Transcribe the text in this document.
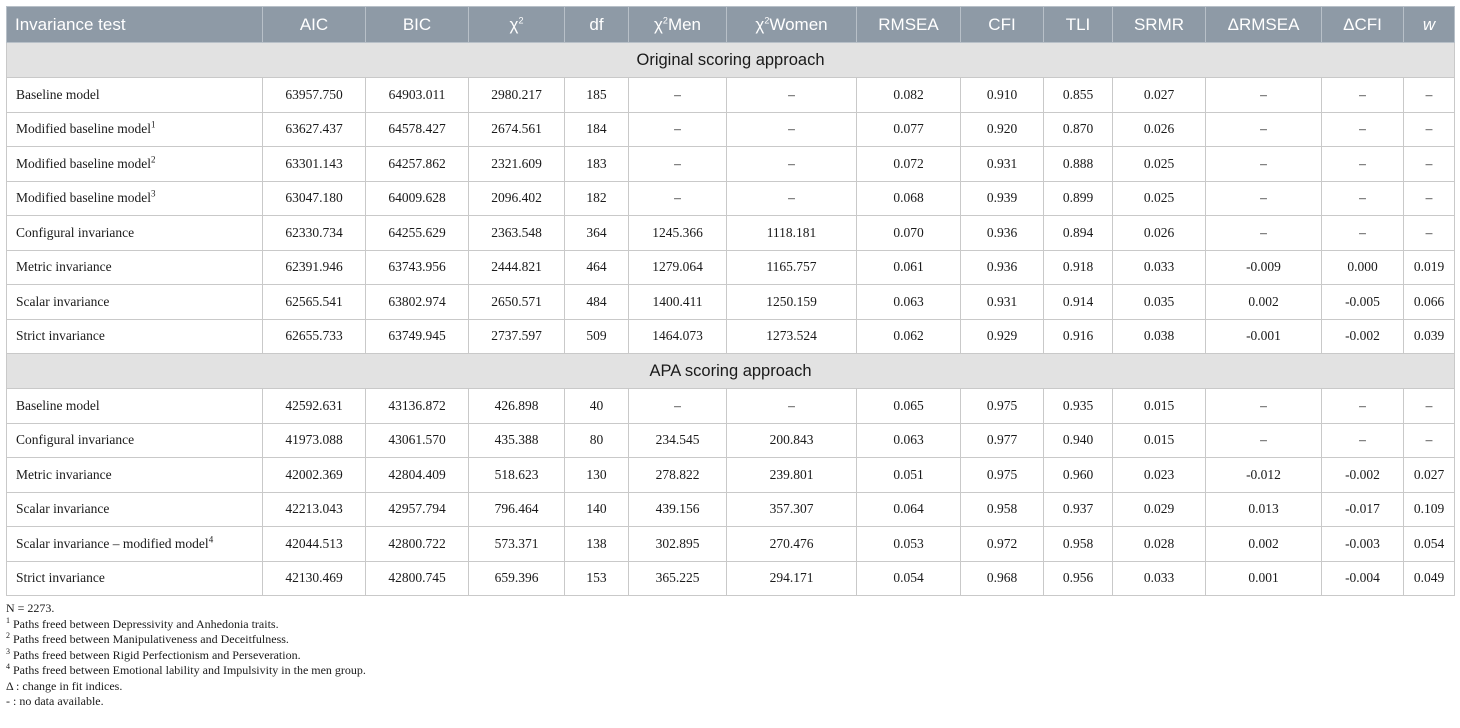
Invariance test	AIC	BIC	$\chi^2$	df	$\chi^2Men$	$\chi^2Women$	RMSEA	CFI	TLI	SRMR	ΔRMSEA	ΔCFI	w
Original scoring approach													
Baseline model	63957.750	64903.011	2980.217	185	–	–	0.082	0.910	0.855	0.027	–	–	–
Modified baseline model$^1$	63627.437	64578.427	2674.561	184	–	–	0.077	0.920	0.870	0.026	–	–	–
Modified baseline model$^2$	63301.143	64257.862	2321.609	183	–	–	0.072	0.931	0.888	0.025	–	–	–
Modified baseline model$^3$	63047.180	64009.628	2096.402	182	–	–	0.068	0.939	0.899	0.025	–	–	–
Configural invariance	62330.734	64255.629	2363.548	364	1245.366	1118.181	0.070	0.936	0.894	0.026	–	–	–
Metric invariance	62391.946	63743.956	2444.821	464	1279.064	1165.757	0.061	0.936	0.918	0.033	-0.009	0.000	0.019
Scalar invariance	62565.541	63802.974	2650.571	484	1400.411	1250.159	0.063	0.931	0.914	0.035	0.002	-0.005	0.066
Strict invariance	62655.733	63749.945	2737.597	509	1464.073	1273.524	0.062	0.929	0.916	0.038	-0.001	-0.002	0.039
APA scoring approach													
Baseline model	42592.631	43136.872	426.898	40	–	–	0.065	0.975	0.935	0.015	–	–	–
Configural invariance	41973.088	43061.570	435.388	80	234.545	200.843	0.063	0.977	0.940	0.015	–	–	–
Metric invariance	42002.369	42804.409	518.623	130	278.822	239.801	0.051	0.975	0.960	0.023	-0.012	-0.002	0.027
Scalar invariance	42213.043	42957.794	796.464	140	439.156	357.307	0.064	0.958	0.937	0.029	0.013	-0.017	0.109
Scalar invariance – modified model$^4$	42044.513	42800.722	573.371	138	302.895	270.476	0.053	0.972	0.958	0.028	0.002	-0.003	0.054
Strict invariance	42130.469	42800.745	659.396	153	365.225	294.171	0.054	0.968	0.956	0.033	0.001	-0.004	0.049
N = 2273.
$^1$ Paths freed between Depressivity and Anhedonia traits.
$^2$ Paths freed between Manipulativeness and Deceitfulness.
$^3$ Paths freed between Rigid Perfectionism and Perseveration.
$^4$ Paths freed between Emotional lability and Impulsivity in the men group.
Δ : change in fit indices.
- : no data available.
